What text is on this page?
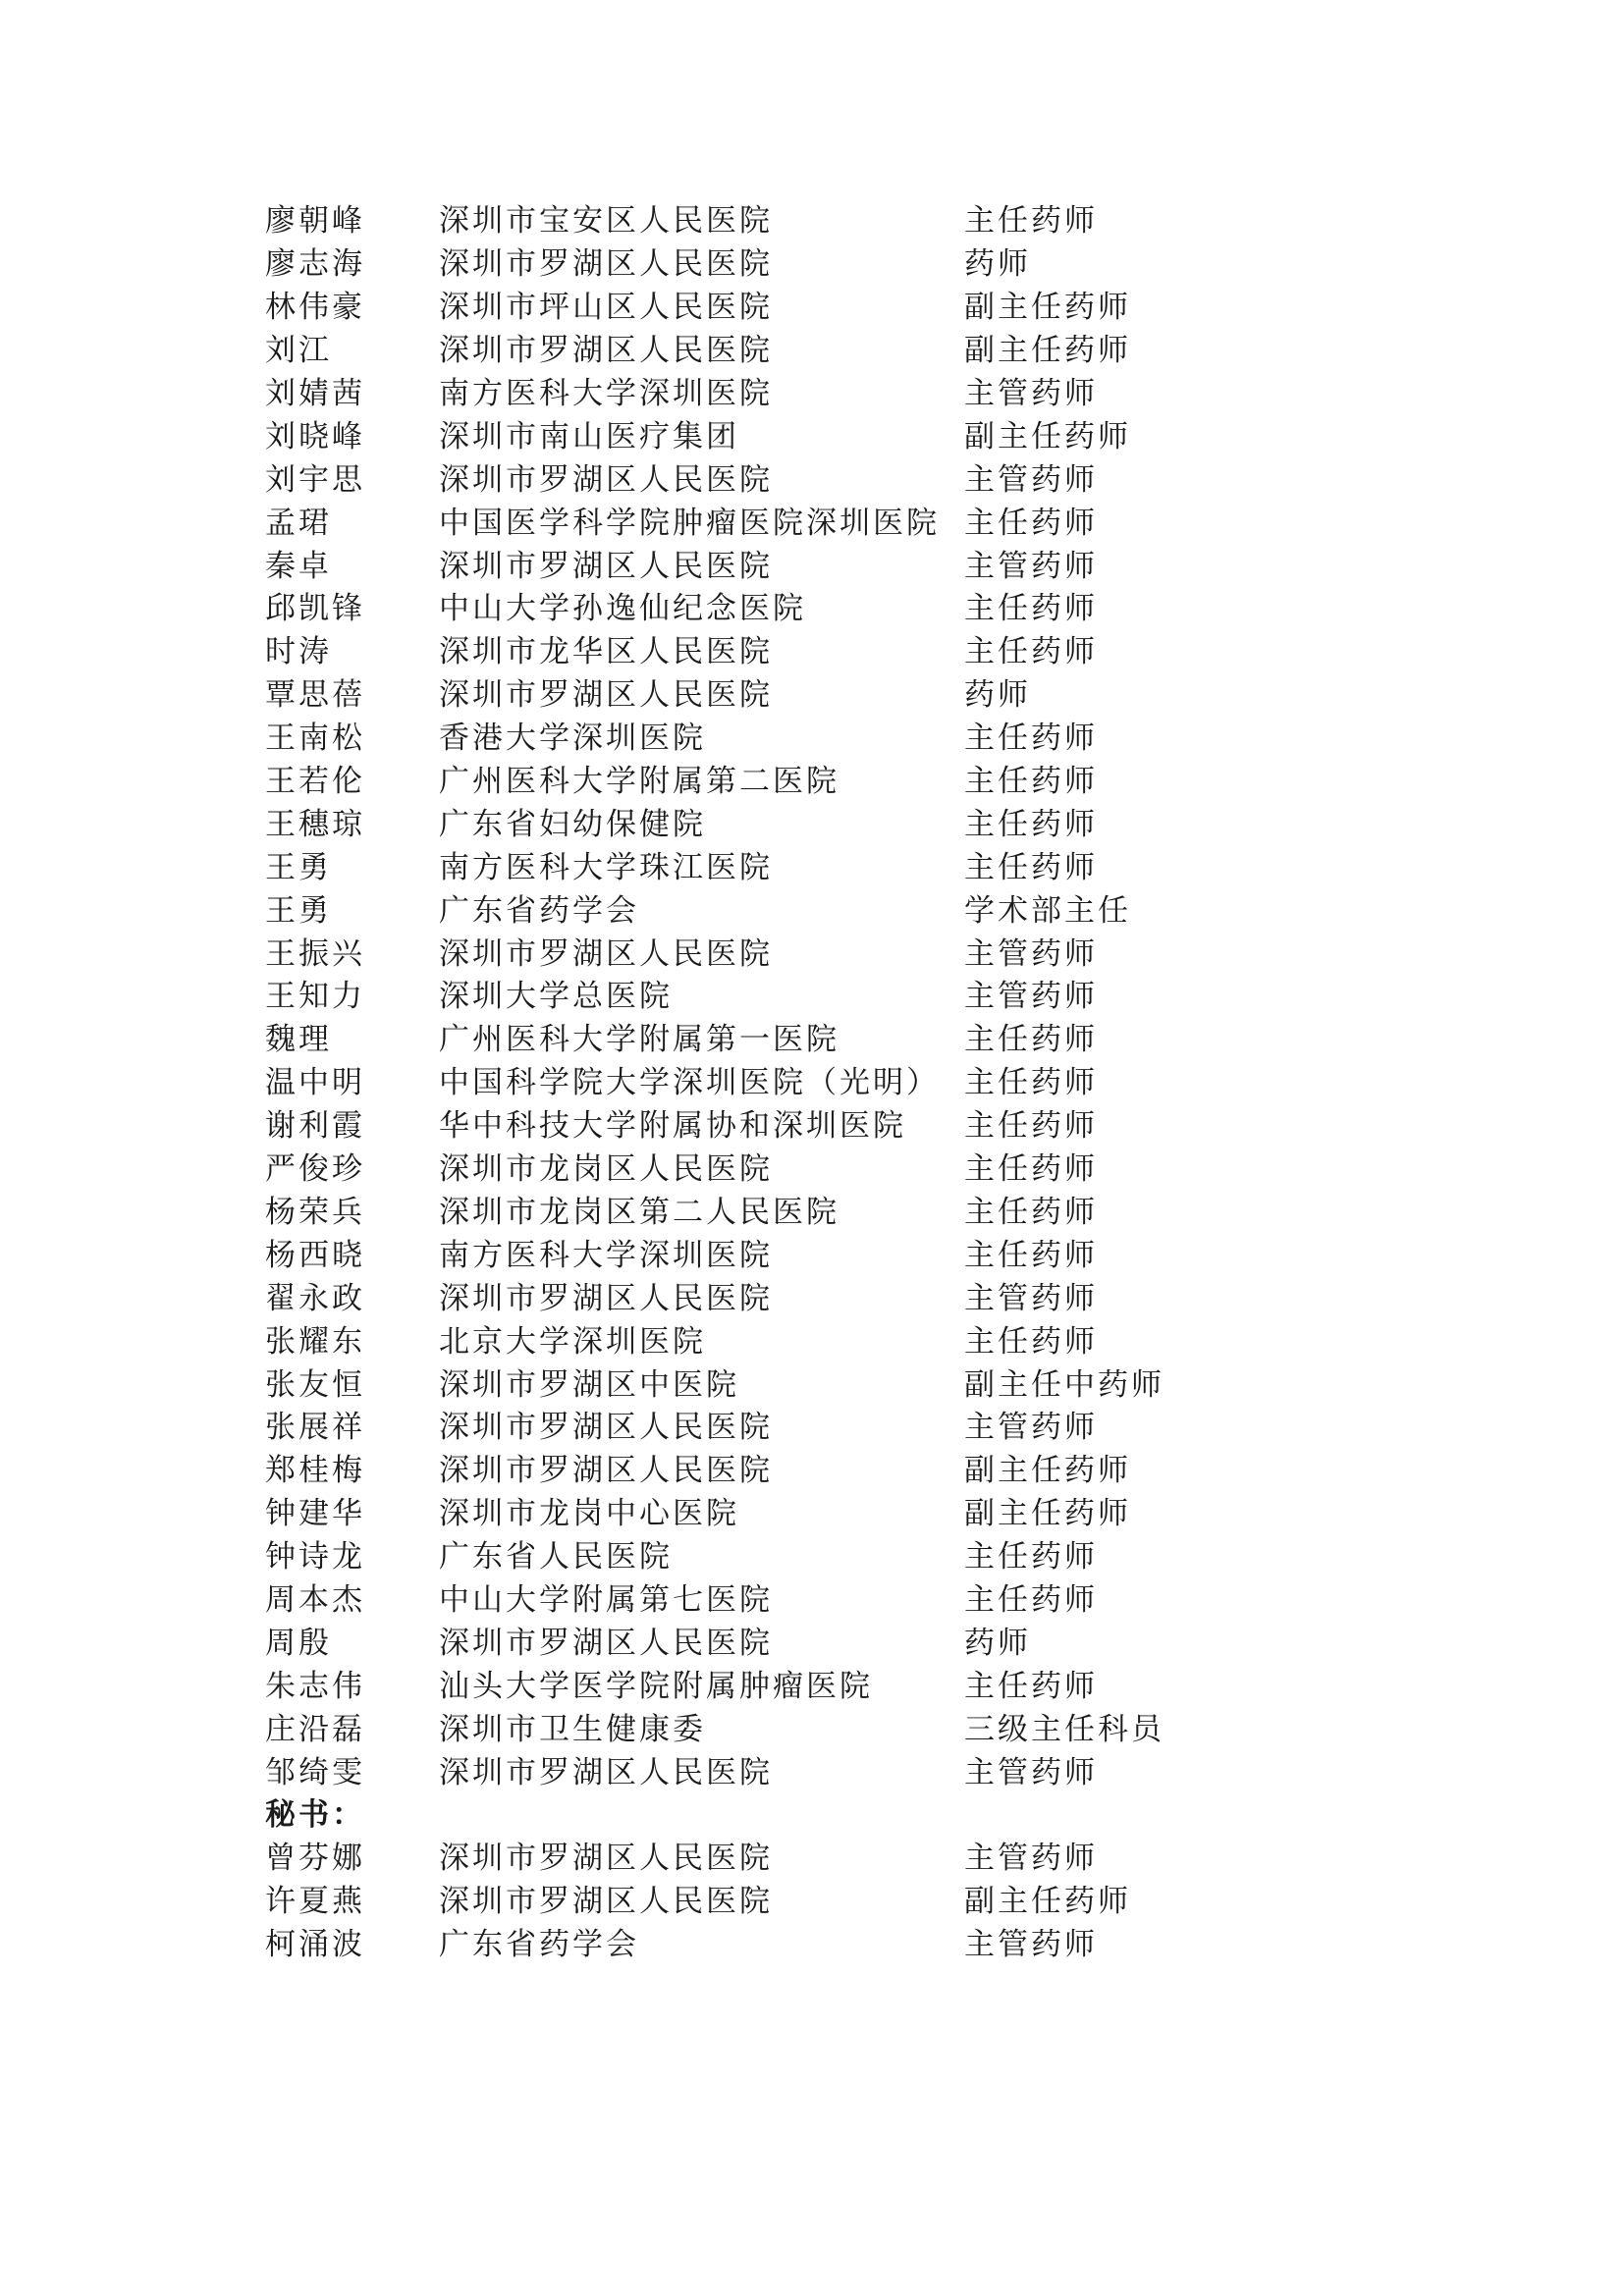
廖朝峰	深圳市宝安区人民医院	主任药师
廖志海	深圳市罗湖区人民医院	药师
林伟豪	深圳市坪山区人民医院	副主任药师
刘江	深圳市罗湖区人民医院	副主任药师
刘婧茜	南方医科大学深圳医院	主管药师
刘晓峰	深圳市南山医疗集团	副主任药师
刘宇思	深圳市罗湖区人民医院	主管药师
孟珺	中国医学科学院肿瘤医院深圳医院 主任药师
秦卓	深圳市罗湖区人民医院	主管药师
邱凯锋	中山大学孙逸仙纪念医院	主任药师
时涛	深圳市龙华区人民医院	主任药师
覃思蓓	深圳市罗湖区人民医院	药师
王南松	香港大学深圳医院	主任药师
王若伦	广州医科大学附属第二医院	主任药师
王穗琼	广东省妇幼保健院	主任药师
王勇	南方医科大学珠江医院	主任药师
王勇	广东省药学会	学术部主任
王振兴	深圳市罗湖区人民医院	主管药师
王知力	深圳大学总医院	主管药师
魏理	广州医科大学附属第一医院	主任药师
温中明	中国科学院大学深圳医院（光明） 主任药师
谢利霞	华中科技大学附属协和深圳医院	主任药师
严俊珍	深圳市龙岗区人民医院	主任药师
杨荣兵	深圳市龙岗区第二人民医院	主任药师
杨西晓	南方医科大学深圳医院	主任药师
翟永政	深圳市罗湖区人民医院	主管药师
张耀东	北京大学深圳医院	主任药师
张友恒	深圳市罗湖区中医院	副主任中药师
张展祥	深圳市罗湖区人民医院	主管药师
郑桂梅	深圳市罗湖区人民医院	副主任药师
钟建华	深圳市龙岗中心医院	副主任药师
钟诗龙	广东省人民医院	主任药师
周本杰	中山大学附属第七医院	主任药师
周殷	深圳市罗湖区人民医院	药师
朱志伟	汕头大学医学院附属肿瘤医院	主任药师
庄沿磊	深圳市卫生健康委	三级主任科员
邹绮雯	深圳市罗湖区人民医院	主管药师
秘书：
曾芬娜	深圳市罗湖区人民医院	主管药师
许夏燕	深圳市罗湖区人民医院	副主任药师
柯涌波	广东省药学会	主管药师
